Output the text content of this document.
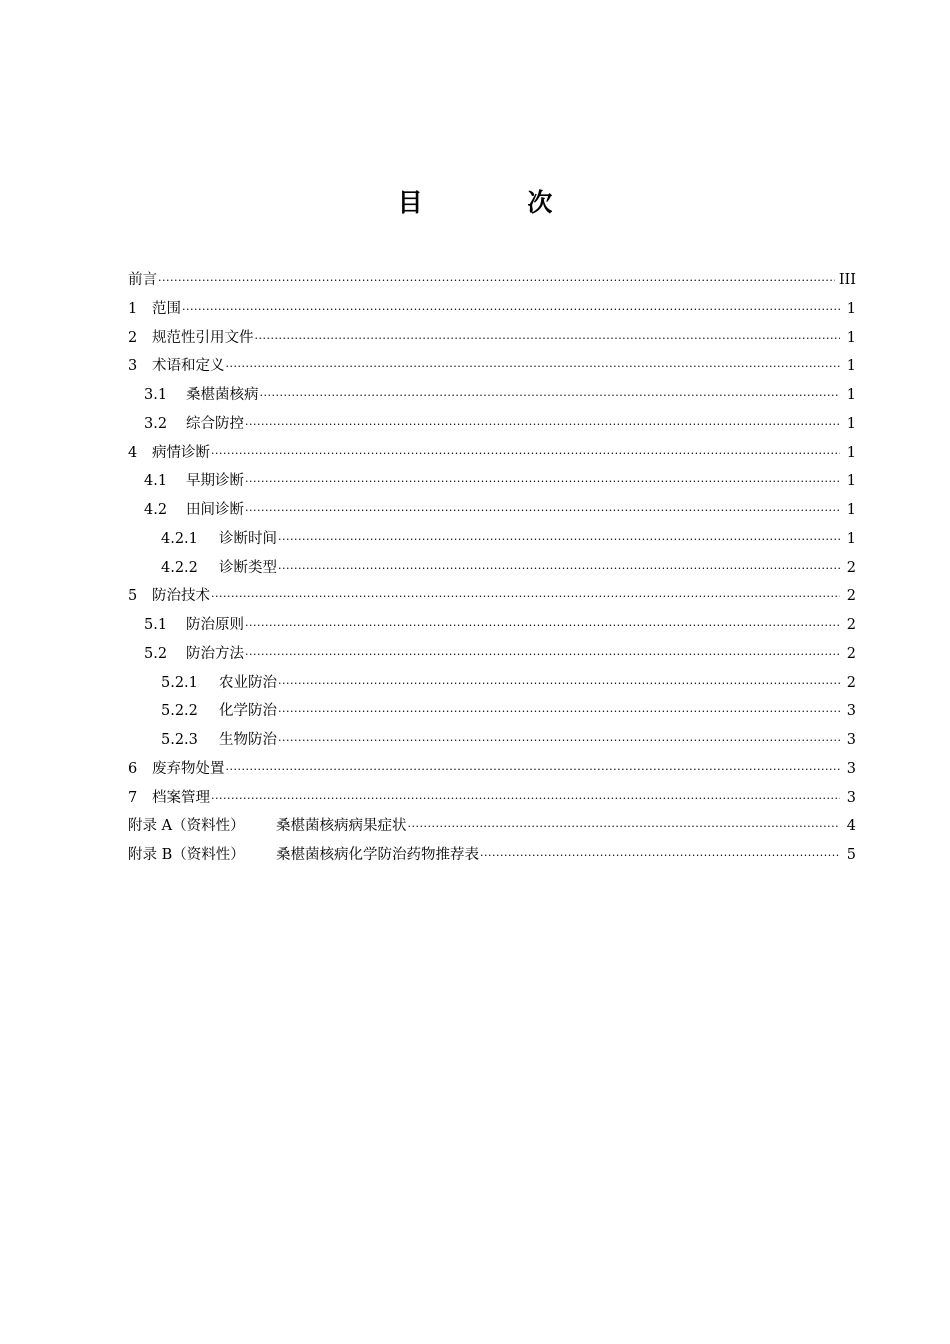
目 次
前言 ·····	III
1	范围 ·····	1
2	规范性引用文件 ·····	1
3	术语和定义 ·····	1
3.1	桑椹菌核病 ·····	1
3.2	综合防控 ·····	1
4	病情诊断 ·····	1
4.1	早期诊断 ·····	1
4.2	田间诊断 ·····	1
4.2.1	诊断时间 ·····	1
4.2.2	诊断类型 ·····	2
5	防治技术 ·····	2
5.1	防治原则 ·····	2
5.2	防治方法 ·····	2
5.2.1	农业防治 ·····	2
5.2.2	化学防治 ·····	3
5.2.3	生物防治 ·····	3
6	废弃物处置 ·····	3
7	档案管理 ·····	3
附录 A（资料性）	桑椹菌核病病果症状 ·····	4
附录 B（资料性）	桑椹菌核病化学防治药物推荐表 ·····	5
